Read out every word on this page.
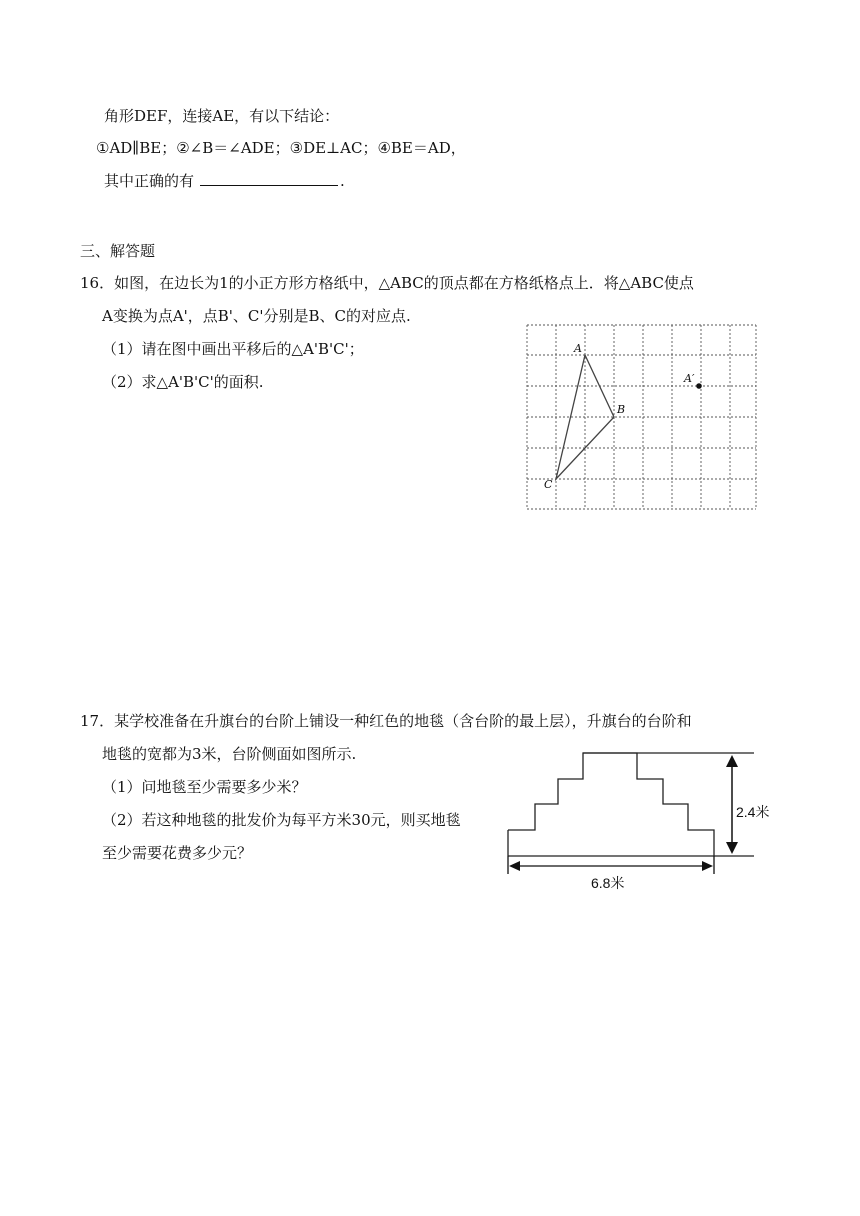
角形DEF，连接AE，有以下结论：
①AD∥BE；②∠B＝∠ADE；③DE⊥AC；④BE＝AD，
其中正确的有	.
三、解答题
16．如图，在边长为1的小正方形方格纸中，△ABC的顶点都在方格纸格点上．将△ABC使点
A变换为点A'，点B'、C'分别是B、C的对应点.
（1）请在图中画出平移后的△A'B'C'；
（2）求△A'B'C'的面积.
A
B
C
A′
17．某学校准备在升旗台的台阶上铺设一种红色的地毯（含台阶的最上层），升旗台的台阶和
地毯的宽都为3米，台阶侧面如图所示.
（1）问地毯至少需要多少米？
（2）若这种地毯的批发价为每平方米30元，则买地毯
至少需要花费多少元？
2.4米
6.8米
